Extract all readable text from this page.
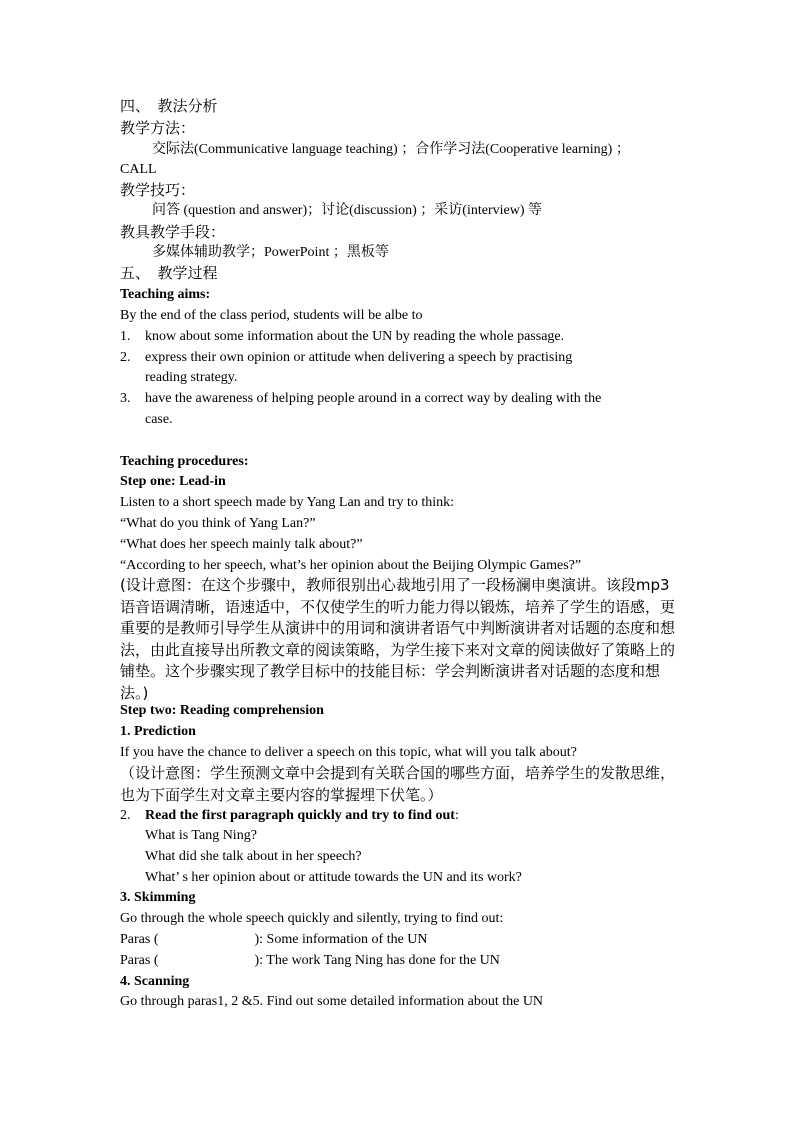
四、　教法分析
教学方法：
交际法(Communicative language teaching) ；合作学习法(Cooperative learning) ；
CALL
教学技巧：
问答 (question and answer)；讨论(discussion) ；采访(interview) 等
教具教学手段：
多媒体辅助教学；PowerPoint ；黑板等
五、　教学过程
Teaching aims:
By the end of the class period, students will be albe to
1. know about some information about the UN by reading the whole passage.
2. express their own opinion or attitude when delivering a speech by practising
reading strategy.
3. have the awareness of helping people around in a correct way by dealing with the
case.
Teaching procedures:
Step one: Lead-in
Listen to a short speech made by Yang Lan and try to think:
“What do you think of Yang Lan?”
“What does her speech mainly talk about?”
“According to her speech, what’s her opinion about the Beijing Olympic Games?”
(设计意图：在这个步骤中，教师很别出心裁地引用了一段杨澜申奥演讲。该段mp3 语音语调清晰，语速适中，不仅使学生的听力能力得以锻炼，培养了学生的语感，更重要的是教师引导学生从演讲中的用词和演讲者语气中判断演讲者对话题的态度和想法，由此直接导出所教文章的阅读策略，为学生接下来对文章的阅读做好了策略上的铺垫。这个步骤实现了教学目标中的技能目标：学会判断演讲者对话题的态度和想法。)
Step two: Reading comprehension
1. Prediction
If you have the chance to deliver a speech on this topic, what will you talk about?
（设计意图：学生预测文章中会提到有关联合国的哪些方面，培养学生的发散思维，也为下面学生对文章主要内容的掌握埋下伏笔。）
2. Read the first paragraph quickly and try to find out:
What is Tang Ning?
What did she talk about in her speech?
What’ s her opinion about or attitude towards the UN and its work?
3. Skimming
Go through the whole speech quickly and silently, trying to find out:
Paras (	): Some information of the UN
Paras (	): The work Tang Ning has done for the UN
4. Scanning
Go through paras1, 2 &5. Find out some detailed information about the UN
